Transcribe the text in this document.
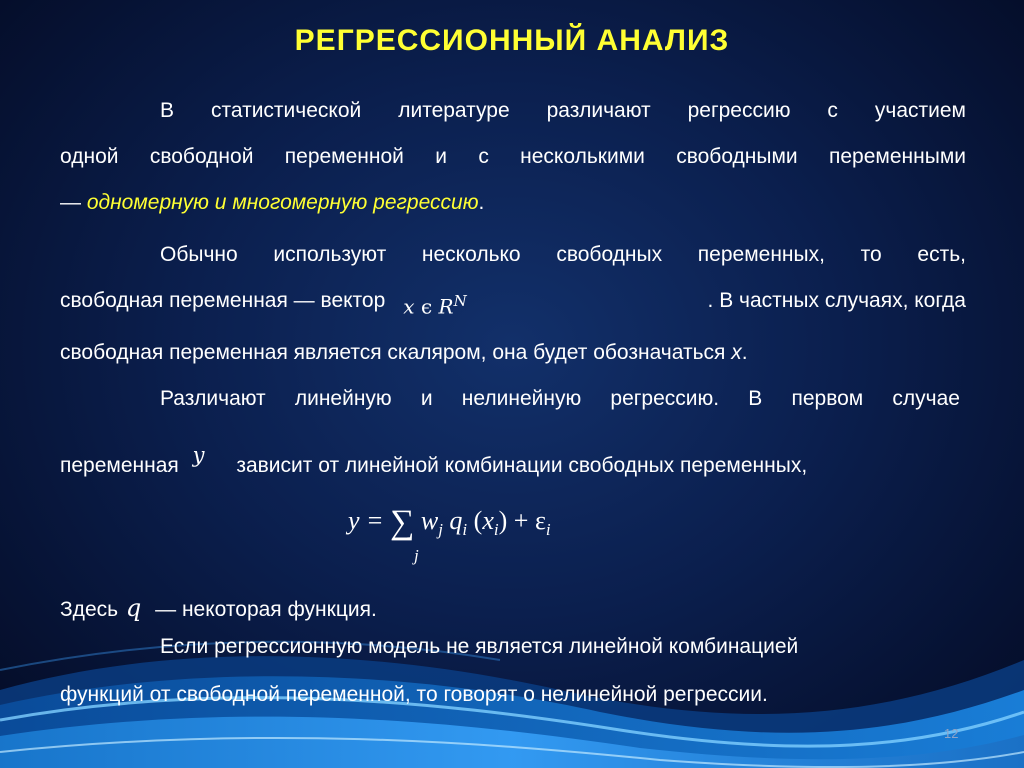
РЕГРЕССИОННЫЙ АНАЛИЗ
В статистической литературе различают регрессию с участием
одной свободной переменной и с несколькими свободными переменными
— одномерную и многомерную регрессию.
Обычно используют несколько свободных переменных, то есть,
свободная переменная — вектор x є $R^N$	. В частных случаях, когда
свободная переменная является скаляром, она будет обозначаться x.
Различают линейную и нелинейную регрессию. В первом случае
переменная y зависит от линейной комбинации свободных переменных,
y = ∑ $w_j$ $q_i$ $(x_i) + \varepsilon_i$
j
Здесь q — некоторая функция.
Если регрессионную модель не является линейной комбинацией
функций от свободной переменной, то говорят о нелинейной регрессии.
12
